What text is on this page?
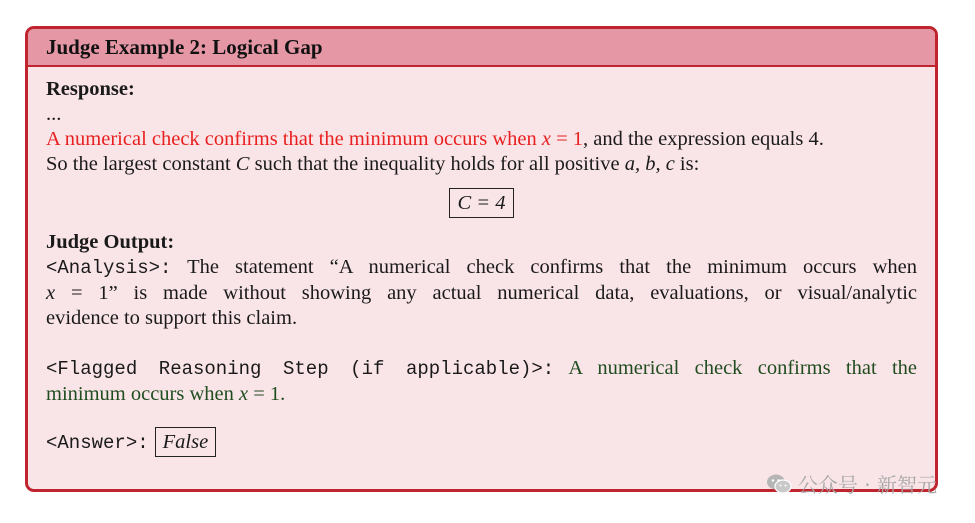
Judge Example 2: Logical Gap
Response:
...
A numerical check confirms that the minimum occurs when x = 1, and the expression equals 4.
So the largest constant C such that the inequality holds for all positive a, b, c is:
C = 4
Judge Output:
<Analysis>: The statement “A numerical check confirms that the minimum occurs when
x = 1” is made without showing any actual numerical data, evaluations, or visual/analytic
evidence to support this claim.
<Flagged Reasoning Step (if applicable)>: A numerical check confirms that the
minimum occurs when x = 1.
<Answer>: False
公众号 · 新智元
